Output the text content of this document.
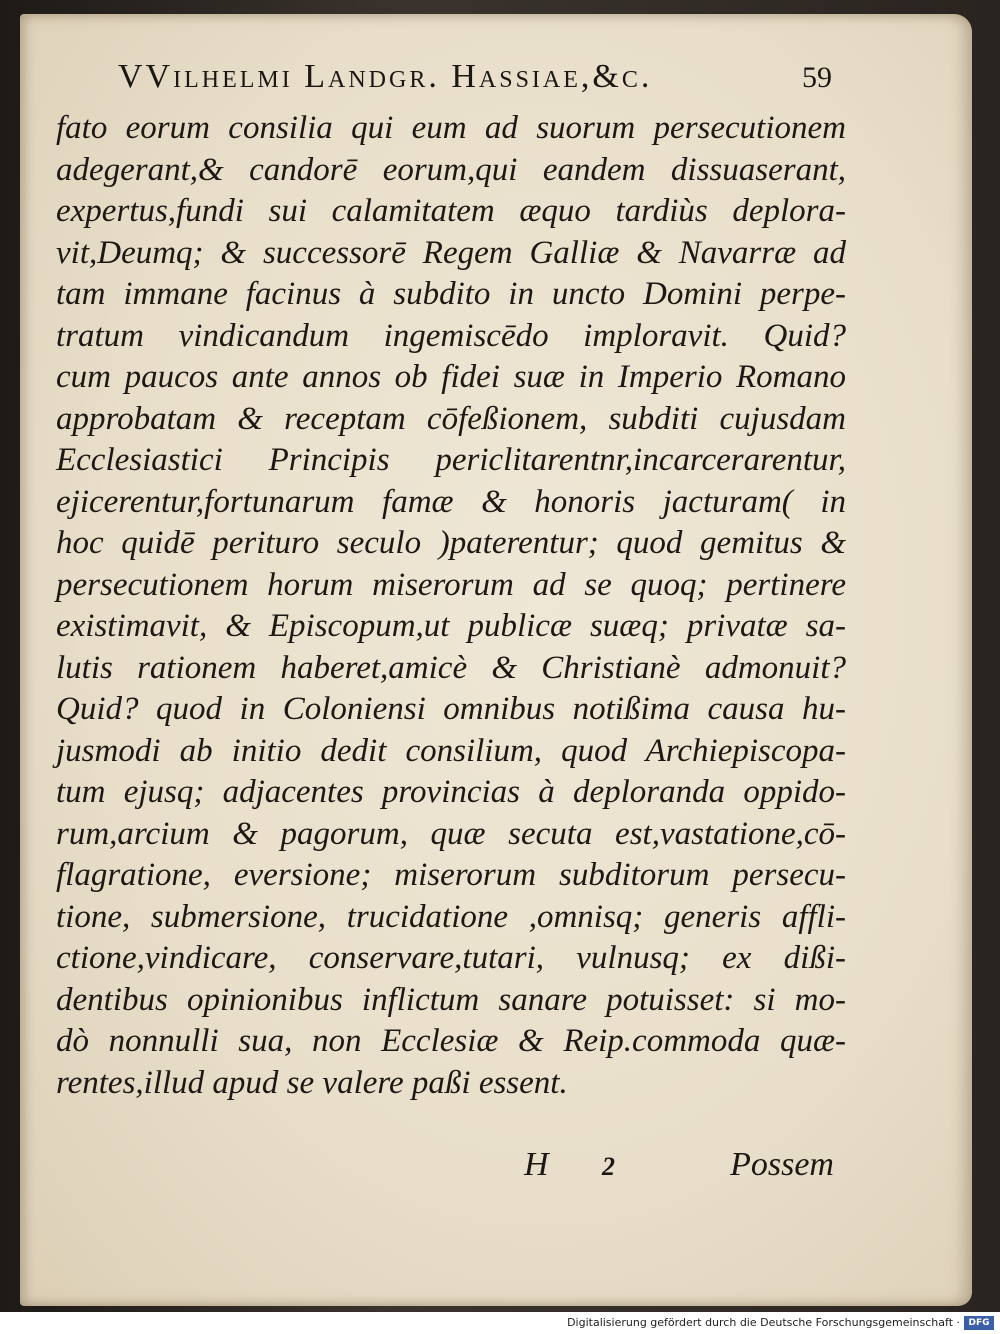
VVilhelmi Landgr. Hassiae,&c.	59
fato eorum consilia qui eum ad suorum persecutionem
adegerant,& candorē eorum,qui eandem dissuaserant,
expertus,fundi sui calamitatem æquo tardiùs deplora-
vit,Deumq; & successorē Regem Galliæ & Navarræ ad
tam immane facinus à subdito in uncto Domini perpe-
tratum vindicandum ingemiscēdo imploravit. Quid?
cum paucos ante annos ob fidei suæ in Imperio Romano
approbatam & receptam cōfeßionem, subditi cujusdam
Ecclesiastici Principis periclitarentnr,incarcerarentur,
ejicerentur,fortunarum famæ & honoris jacturam( in
hoc quidē perituro seculo )paterentur; quod gemitus &
persecutionem horum miserorum ad se quoq; pertinere
existimavit, & Episcopum,ut publicæ suæq; privatæ sa-
lutis rationem haberet,amicè & Christianè admonuit?
Quid? quod in Coloniensi omnibus notißima causa hu-
jusmodi ab initio dedit consilium, quod Archiepiscopa-
tum ejusq; adjacentes provincias à deploranda oppido-
rum,arcium & pagorum, quæ secuta est,vastatione,cō-
flagratione, eversione; miserorum subditorum persecu-
tione, submersione, trucidatione ,omnisq; generis affli-
ctione,vindicare, conservare,tutari, vulnusq; ex dißi-
dentibus opinionibus inflictum sanare potuisset: si mo-
dò nonnulli sua, non Ecclesiæ & Reip.commoda quæ-
rentes,illud apud se valere paßi essent.
H 2	Possem
Digitalisierung gefördert durch die Deutsche Forschungsgemeinschaft · DFG
